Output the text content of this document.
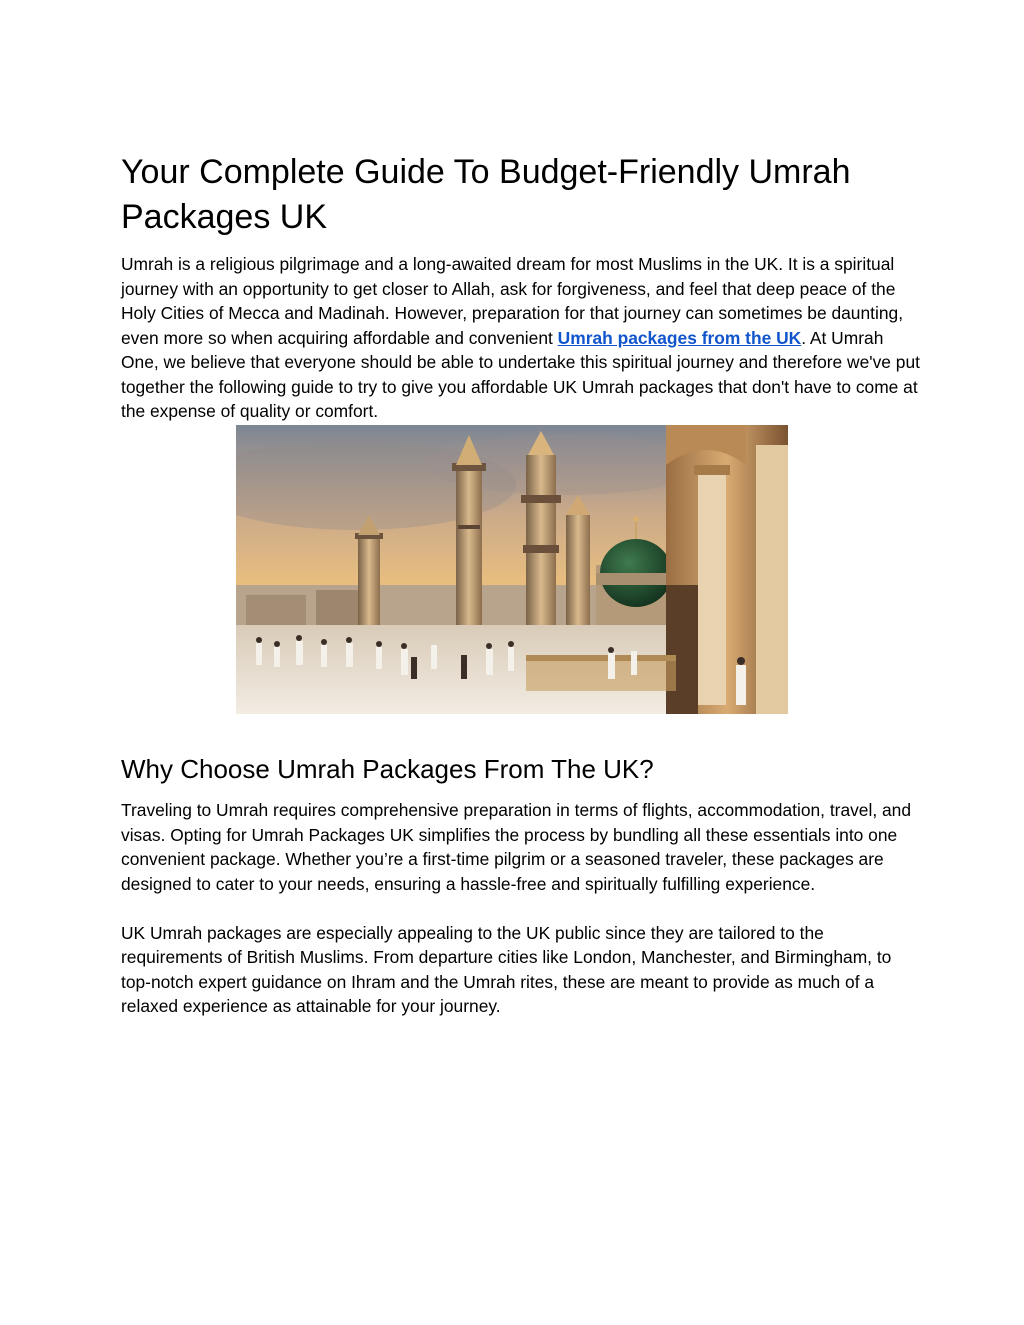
Your Complete Guide To Budget-Friendly Umrah Packages UK

Umrah is a religious pilgrimage and a long-awaited dream for most Muslims in the UK. It is a spiritual journey with an opportunity to get closer to Allah, ask for forgiveness, and feel that deep peace of the Holy Cities of Mecca and Madinah. However, preparation for that journey can sometimes be daunting, even more so when acquiring affordable and convenient Umrah packages from the UK. At Umrah One, we believe that everyone should be able to undertake this spiritual journey and therefore we've put together the following guide to try to give you affordable UK Umrah packages that don't have to come at the expense of quality or comfort.

Why Choose Umrah Packages From The UK?

Traveling to Umrah requires comprehensive preparation in terms of flights, accommodation, travel, and visas. Opting for Umrah Packages UK simplifies the process by bundling all these essentials into one convenient package. Whether you’re a first-time pilgrim or a seasoned traveler, these packages are designed to cater to your needs, ensuring a hassle-free and spiritually fulfilling experience.

UK Umrah packages are especially appealing to the UK public since they are tailored to the requirements of British Muslims. From departure cities like London, Manchester, and Birmingham, to top-notch expert guidance on Ihram and the Umrah rites, these are meant to provide as much of a relaxed experience as attainable for your journey.
